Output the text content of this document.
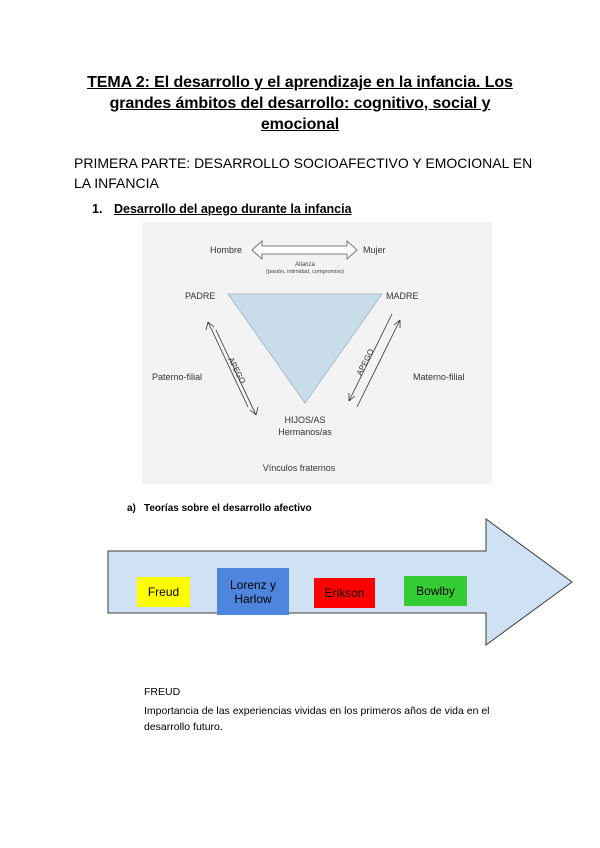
TEMA 2: El desarrollo y el aprendizaje en la infancia. Los grandes ámbitos del desarrollo: cognitivo, social y emocional
PRIMERA PARTE: DESARROLLO SOCIOAFECTIVO Y EMOCIONAL EN LA INFANCIA
1. Desarrollo del apego durante la infancia
Hombre	Mujer
Alianza
(pasión, intimidad, compromiso)
PADRE	MADRE
APEGO	APEGO
Paterno-filial	Materno-filial
HIJOS/AS
Hermanos/as
Vínculos fraternos
a) Teorías sobre el desarrollo afectivo
Freud
Lorenz y Harlow	Erikson	Bowlby
FREUD
Importancia de las experiencias vividas en los primeros años de vida en el desarrollo futuro.
